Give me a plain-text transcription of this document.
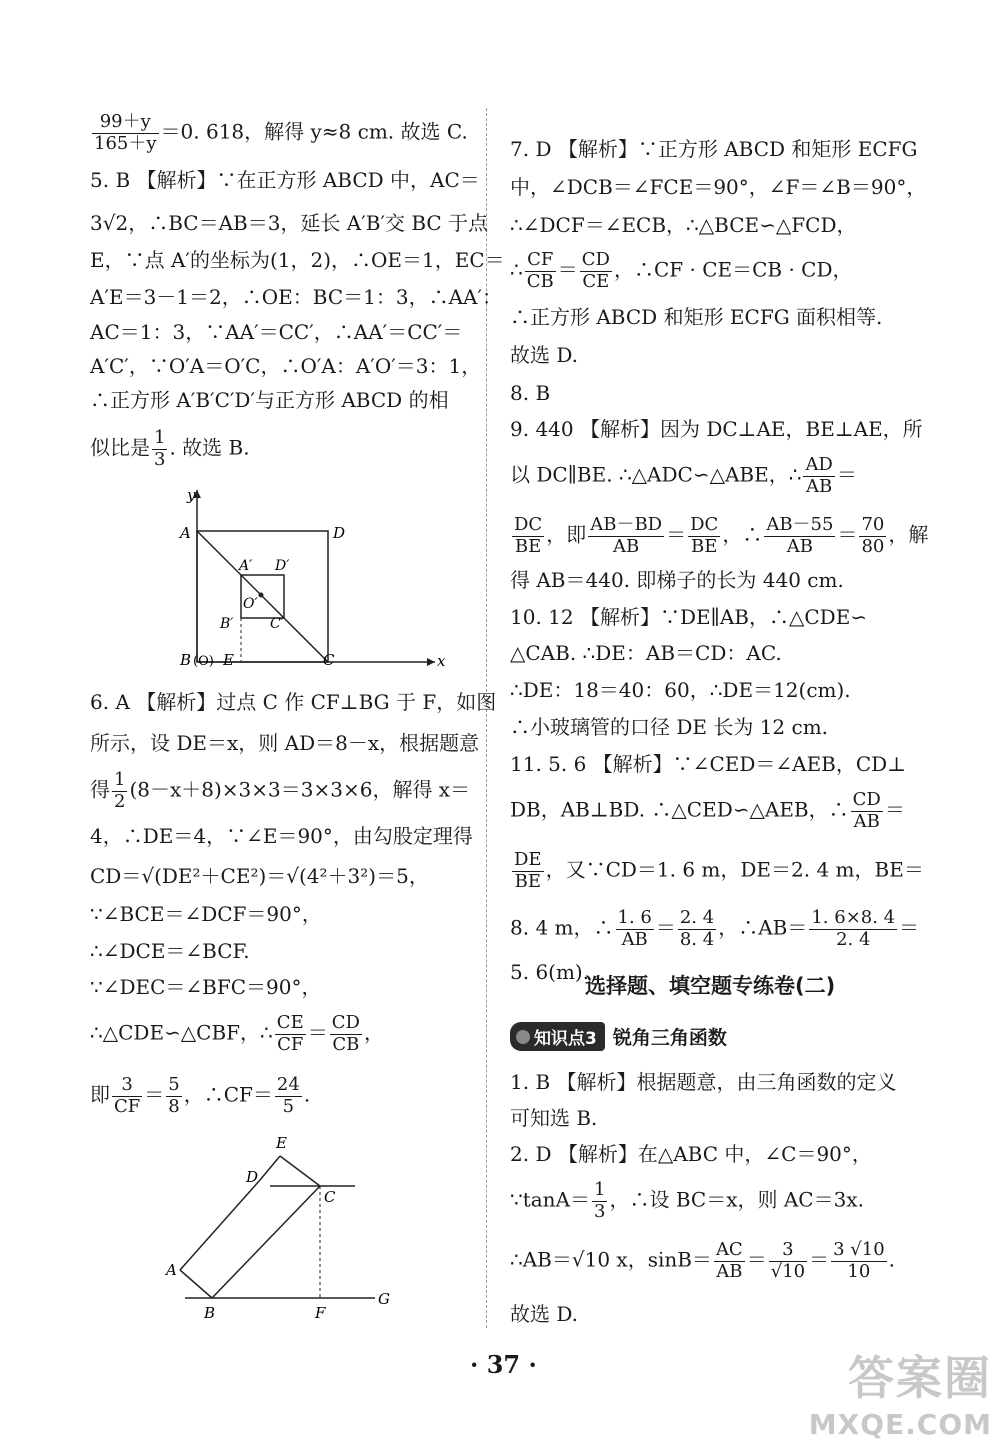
$\frac{99+y}{165+y} =0$. 618，解得 y≈8 cm. 故选 C.
5. B 【解析】∵在正方形 ABCD 中，AC＝
3√2，∴BC＝AB＝3，延长 A′B′交 BC 于点
E，∵点 A′的坐标为(1，2)，∴OE＝1，EC＝
A′E＝3－1＝2，∴OE：BC＝1：3，∴AA′：
AC＝1：3，∵AA′＝CC′，∴AA′＝CC′＝
A′C′，∵O′A＝O′C，∴O′A：A′O′＝3：1，
∴正方形 A′B′C′D′与正方形 ABCD 的相
似比是 $\frac{1}{3}$ . 故选 B.
y
x
A	D
A′ D′
O′
B′	C′
B (O) E	C
6. A 【解析】过点 C 作 CF⊥BG 于 F，如图
所示，设 DE＝x，则 AD＝8－x，根据题意
得 $\frac{1}{2} (8-x+8)\times 3\times 3=3\times 3\times 6$，解得 x＝
4，∴DE＝4，∵∠E＝90°，由勾股定理得
CD＝√(DE²＋CE²)＝√(4²＋3²)＝5，
∵∠BCE＝∠DCF＝90°，
∴∠DCE＝∠BCF.
∵∠DEC＝∠BFC＝90°，
∴△CDE∽△CBF，∴ $\frac{CE}{CF} = \frac{CD}{CB}$ ，
即 $\frac{3}{CF} = \frac{5}{8}$ ，∴CF＝ $\frac{24}{5}$ .
E
D
C
A
B	F
G
7. D 【解析】∵正方形 ABCD 和矩形 ECFG
中，∠DCB＝∠FCE＝90°，∠F＝∠B＝90°，
∴∠DCF＝∠ECB，∴△BCE∽△FCD，
∴ $\frac{CF}{CB} = \frac{CD}{CE}$ ，∴CF · CE＝CB · CD，
∴正方形 ABCD 和矩形 ECFG 面积相等.
故选 D.
8. B
9. 440 【解析】因为 DC⊥AE，BE⊥AE，所
以 DC∥BE. ∴△ADC∽△ABE，∴ $\frac{AD}{AB}$ ＝
$\frac{DC}{BE}$ ，即 $\frac{AB-BD}{AB} = \frac{DC}{BE}$ ，∴ $\frac{AB-55}{AB} = \frac{70}{80}$ ，解
得 AB＝440. 即梯子的长为 440 cm.
10. 12 【解析】∵DE∥AB，∴△CDE∽
△CAB. ∴DE：AB＝CD：AC.
∴DE：18＝40：60，∴DE＝12(cm).
∴小玻璃管的口径 DE 长为 12 cm.
11. 5. 6 【解析】∵∠CED＝∠AEB，CD⊥
DB，AB⊥BD. ∴△CED∽△AEB，∴ $\frac{CD}{AB}$ ＝
$\frac{DE}{BE}$ ，又∵CD＝1. 6 m，DE＝2. 4 m，BE＝
8. 4 m，∴ $\frac{1. 6}{AB} = \frac{2. 4}{8. 4}$ ，∴AB＝ $\frac{1. 6\times 8. 4}{2. 4}$ ＝
5. 6(m).
1. B 【解析】根据题意，由三角函数的定义
可知选 B.
2. D 【解析】在△ABC 中，∠C＝90°，
∵tanA＝ $\frac{1}{3}$ ，∴设 BC＝x，则 AC＝3x.
∴AB＝√10 x，$\sin B= \frac{AC}{AB} = \frac{3}{√10} = \frac{3 √10}{10}$ .
故选 D.
选择题、填空题专练卷(二)
知识点3 锐角三角函数
· 37 ·	答案圈
MXQE.COM
